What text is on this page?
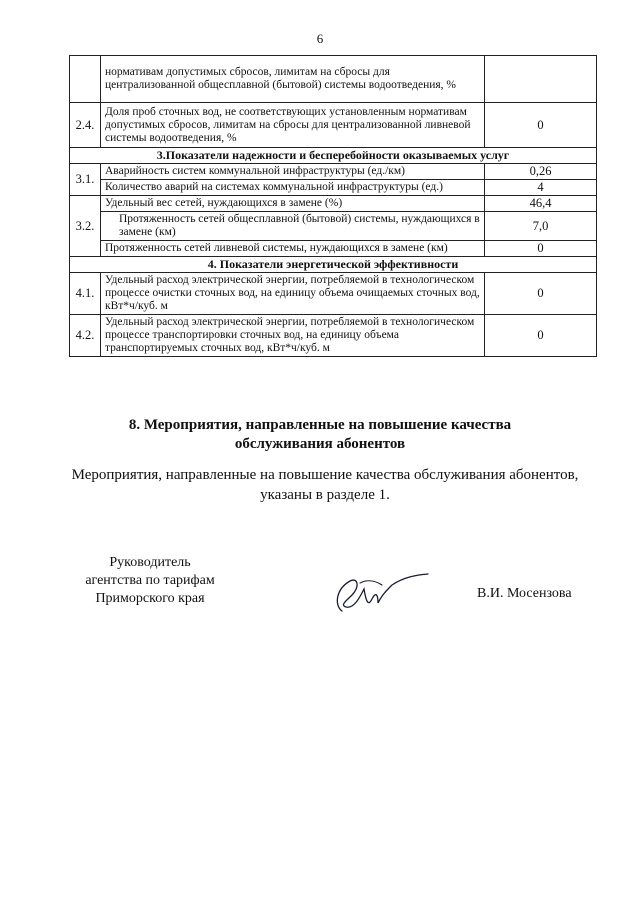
6
	нормативам допустимых сбросов, лимитам на сбросы для централизованной общесплавной (бытовой) системы водоотведения, %	
2.4.	Доля проб сточных вод, не соответствующих установленным нормативам допустимых сбросов, лимитам на сбросы для централизованной ливневой системы водоотведения, %	0
3.Показатели надежности и бесперебойности оказываемых услуг		
3.1.	Аварийность систем коммунальной инфраструктуры (ед./км)	0,26
	Количество аварий на системах коммунальной инфраструктуры (ед.)	4
3.2.	Удельный вес сетей, нуждающихся в замене (%)	46,4
	Протяженность сетей общесплавной (бытовой) системы, нуждающихся в замене (км)	7,0
	Протяженность сетей ливневой системы, нуждающихся в замене (км)	0
4. Показатели энергетической эффективности		
4.1.	Удельный расход электрической энергии, потребляемой в технологическом процессе очистки сточных вод, на единицу объема очищаемых сточных вод, кВт*ч/куб. м	0
4.2.	Удельный расход электрической энергии, потребляемой в технологическом процессе транспортировки сточных вод, на единицу объема транспортируемых сточных вод, кВт*ч/куб. м	0
8. Мероприятия, направленные на повышение качества
обслуживания абонентов
Мероприятия, направленные на повышение качества обслуживания абонентов,
указаны в разделе 1.
Руководитель
агентства по тарифам
Приморского края	В.И. Мосензова
